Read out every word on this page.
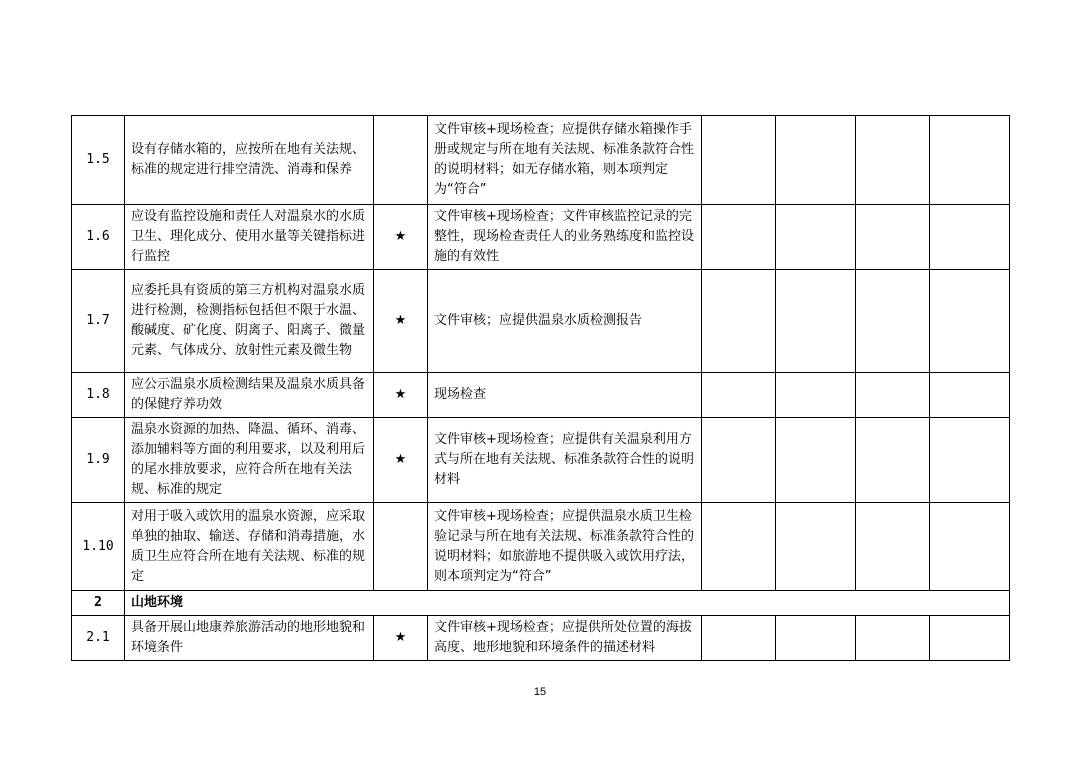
1.5	设有存储水箱的，应按所在地有关法规、标准的规定进行排空清洗、消毒和保养		文件审核+现场检查；应提供存储水箱操作手册或规定与所在地有关法规、标准条款符合性的说明材料；如无存储水箱，则本项判定为“符合”				
1.6	应设有监控设施和责任人对温泉水的水质卫生、理化成分、使用水量等关键指标进行监控	★	文件审核+现场检查；文件审核监控记录的完整性，现场检查责任人的业务熟练度和监控设施的有效性				
1.7	应委托具有资质的第三方机构对温泉水质进行检测，检测指标包括但不限于水温、酸碱度、矿化度、阴离子、阳离子、微量元素、气体成分、放射性元素及微生物	★	文件审核；应提供温泉水质检测报告				
1.8	应公示温泉水质检测结果及温泉水质具备的保健疗养功效	★	现场检查				
1.9	温泉水资源的加热、降温、循环、消毒、添加辅料等方面的利用要求，以及利用后的尾水排放要求，应符合所在地有关法规、标准的规定	★	文件审核+现场检查；应提供有关温泉利用方式与所在地有关法规、标准条款符合性的说明材料				
1.10	对用于吸入或饮用的温泉水资源，应采取单独的抽取、输送、存储和消毒措施，水质卫生应符合所在地有关法规、标准的规定		文件审核+现场检查；应提供温泉水质卫生检验记录与所在地有关法规、标准条款符合性的说明材料；如旅游地不提供吸入或饮用疗法，则本项判定为“符合”				
2	山地环境						
2.1	具备开展山地康养旅游活动的地形地貌和环境条件	★	文件审核+现场检查；应提供所处位置的海拔高度、地形地貌和环境条件的描述材料				
15
